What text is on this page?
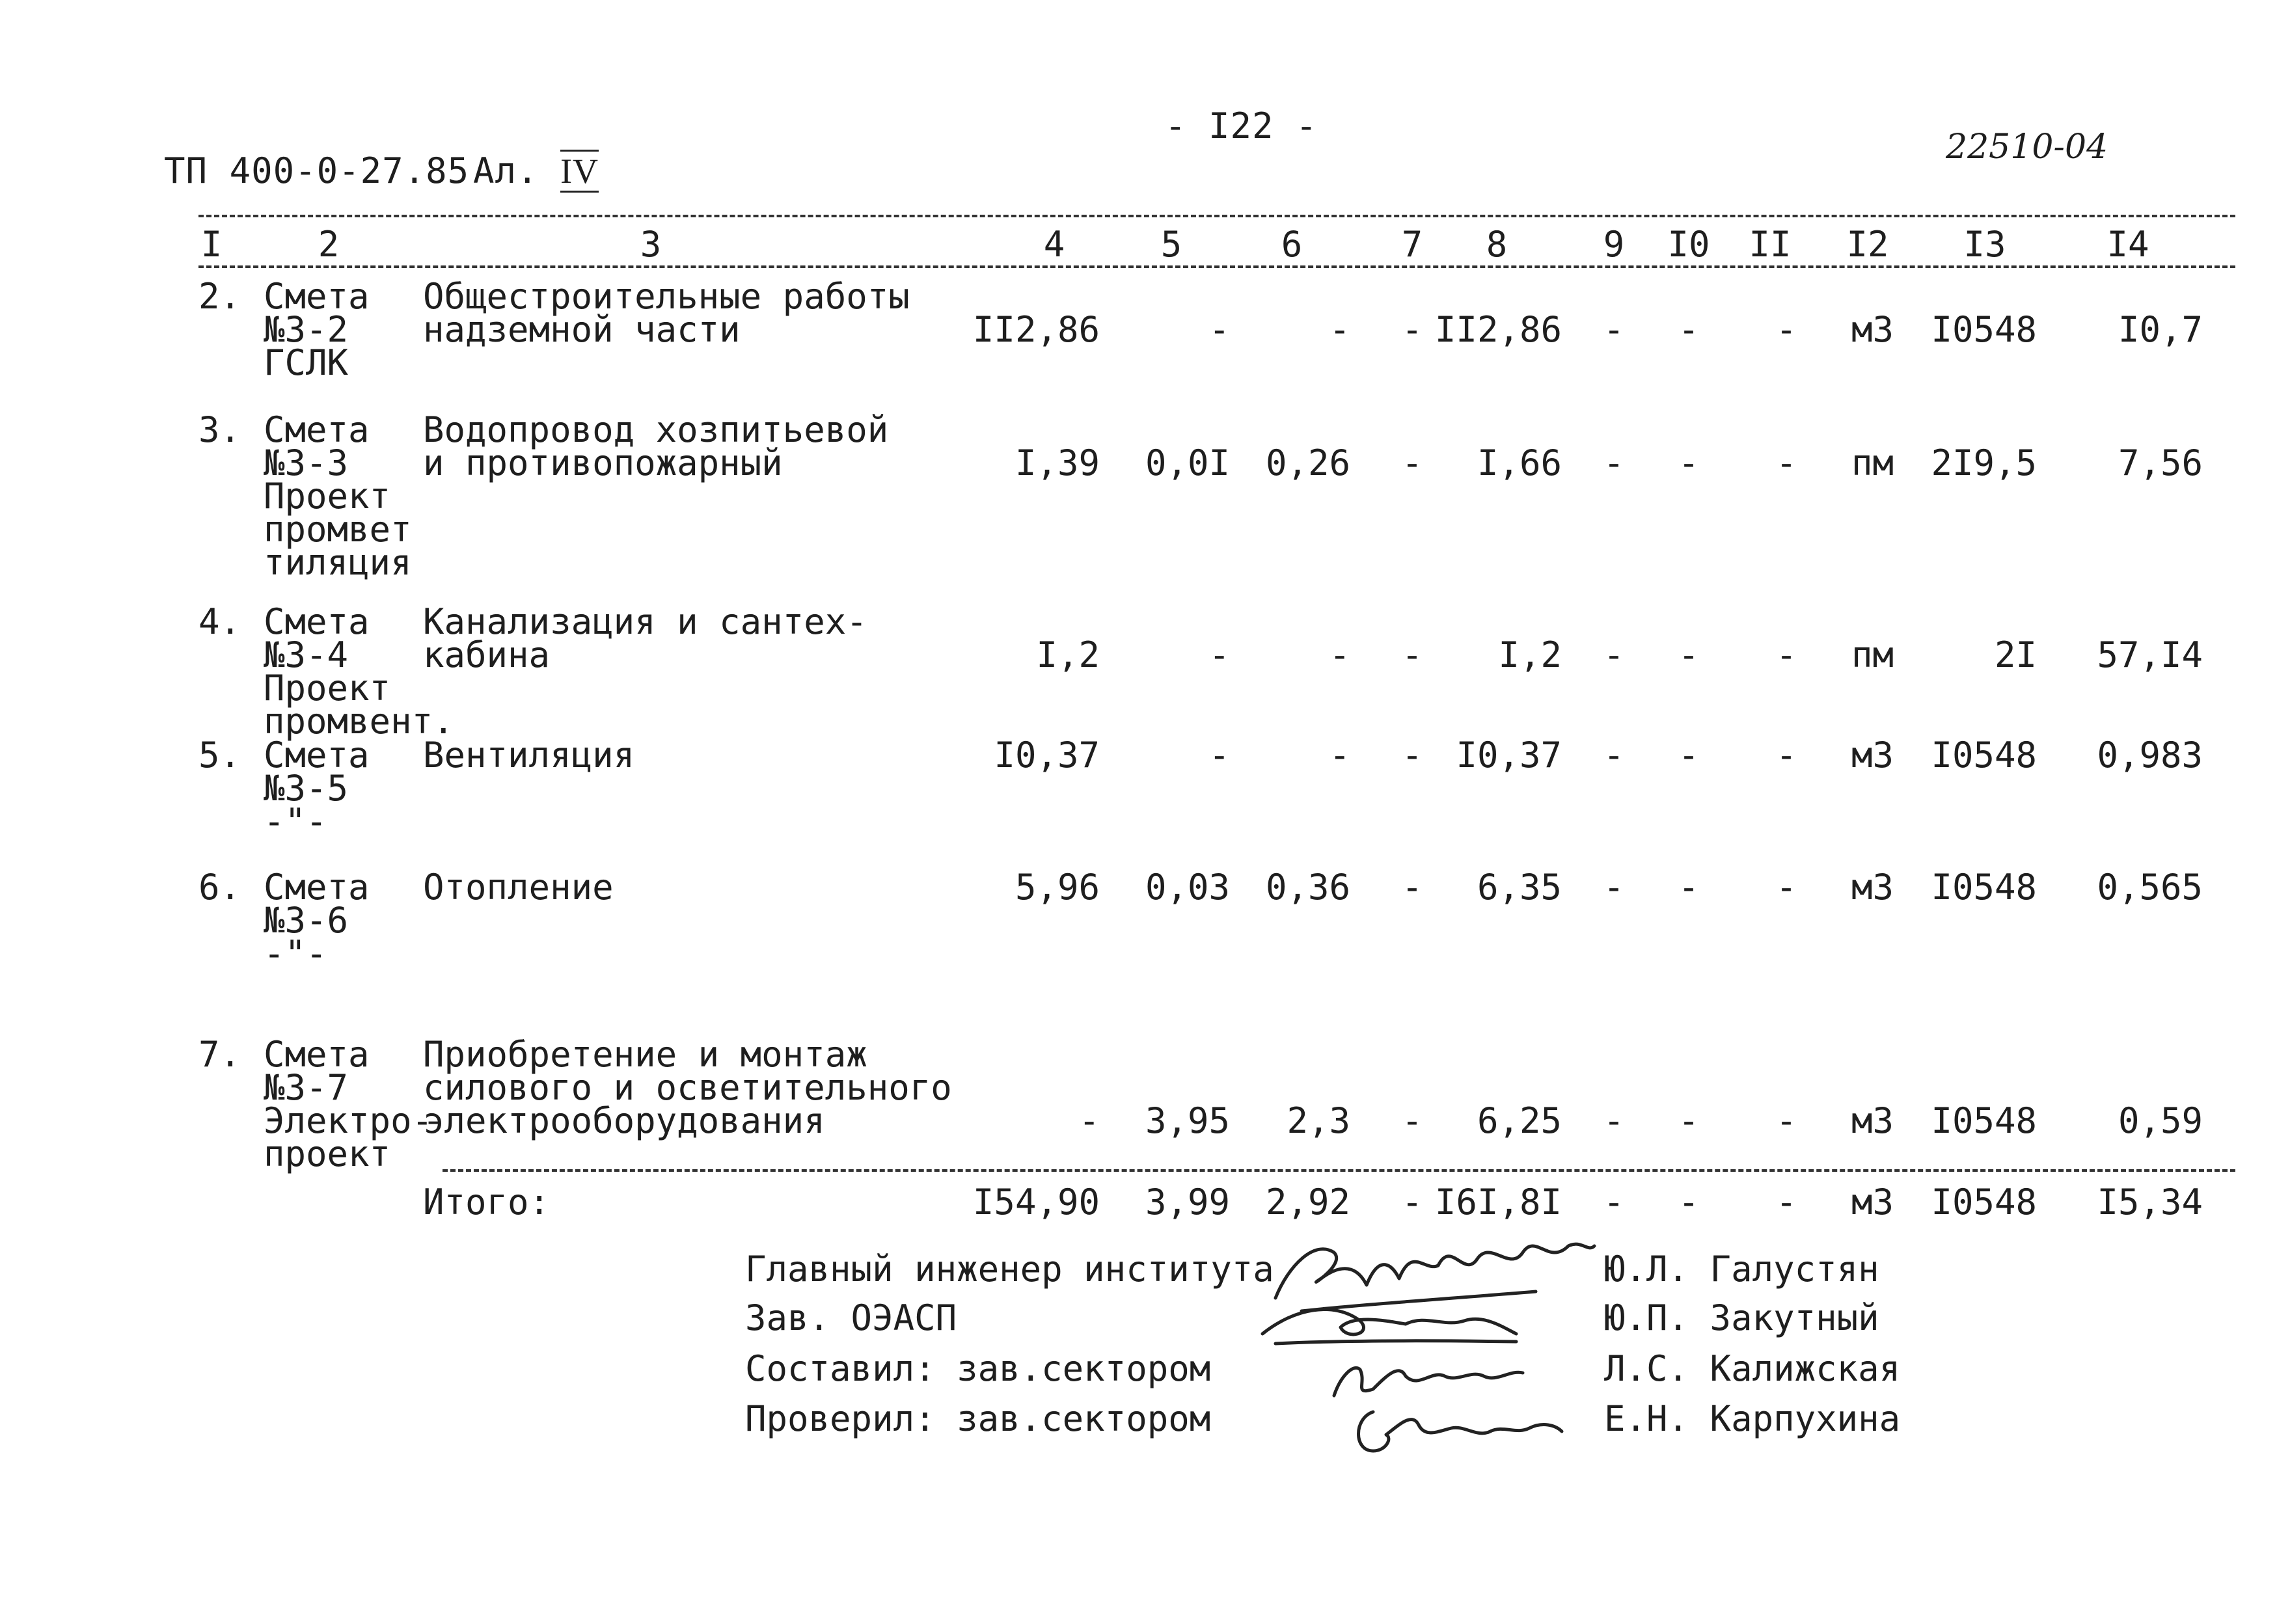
ТП 400-0-27.85 Ал. IV

- I22 -
22510-04
I	2	3	4	5	6	7	8	9	I0	II	I2	I3	I4
2. Смета
№3-2
ГСЛК
Общестроительные работы
надземной части	II2,86	-	-	- II2,86	-	-	-	м3	I0548	I0,7
3. Смета
№3-3
Проект
промвет
тиляция
Водопровод хозпитьевой
и противопожарный	I,39	0,0I	0,26	-	I,66	-	-	-	пм	2I9,5	7,56
4. Смета
№3-4
Проект
промвент.
Канализация и сантех-
кабина	I,2	-	-	-	I,2	-	-	-	пм	2I	57,I4
5. Смета
№3-5
-"-
Вентиляция	I0,37	-	-	- I0,37	-	-	-	м3	I0548	0,983
6. Смета
№3-6
-"-
Отопление	5,96	0,03	0,36	-	6,35	-	-	-	м3	I0548	0,565
7. Смета
№3-7
Электро-
проект
Приобретение и монтаж
силового и осветительного
электрооборудования	-	3,95	2,3	-	6,25	-	-	-	м3	I0548	0,59
Итого:	I54,90	3,99	2,92	- I6I,8I	-	-	-	м3	I0548	I5,34
Главный инженер института	Ю.Л. Галустян
Зав. ОЭАСП	Ю.П. Закутный
Составил: зав.сектором	Л.С. Калижская
Проверил: зав.сектором	Е.Н. Карпухина
